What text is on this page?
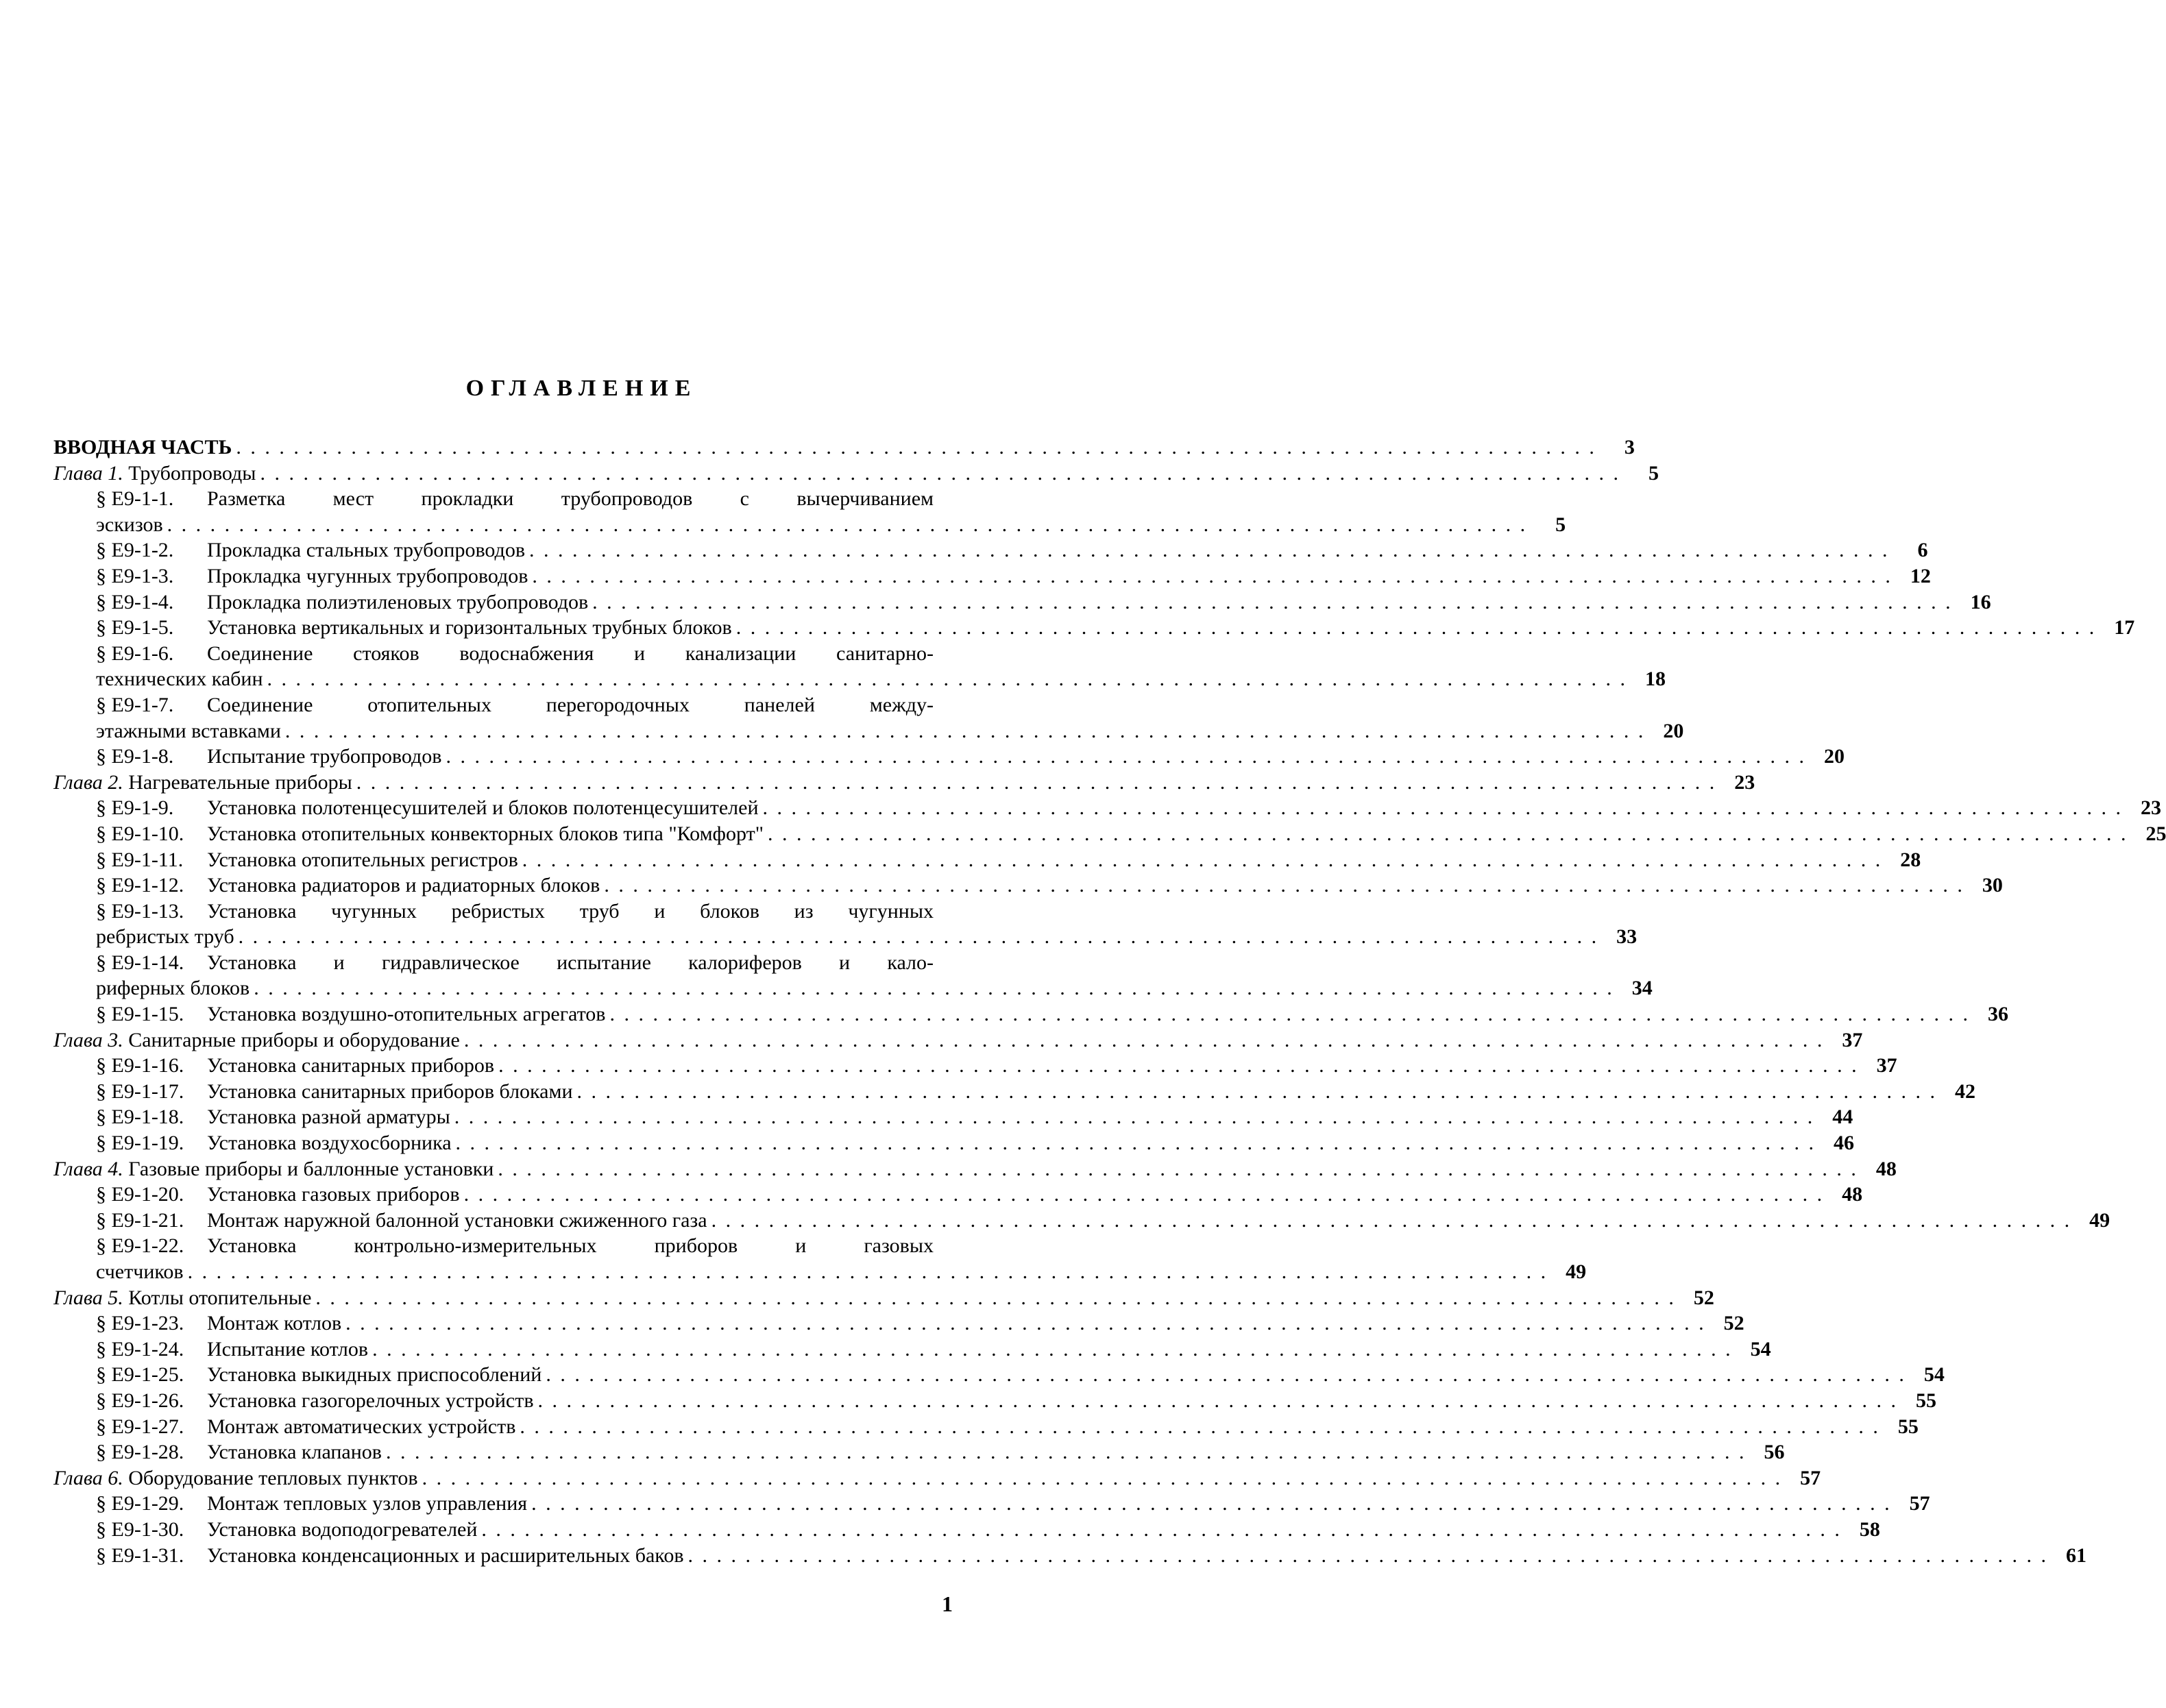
ОГЛАВЛЕНИЕ
ВВОДНАЯ ЧАСТЬ . . .	3
Глава 1. Трубопроводы . . .	5
§ E9-1-1.	Разметка мест прокладки трубопроводов с вычерчиванием
эскизов . . .	5
§ E9-1-2.	Прокладка стальных трубопроводов . . .	6
§ E9-1-3.	Прокладка чугунных трубопроводов . . .	12
§ E9-1-4.	Прокладка полиэтиленовых трубопроводов . . .	16
§ E9-1-5.	Установка вертикальных и горизонтальных трубных блоков . . .	17
§ E9-1-6.	Соединение стояков водоснабжения и канализации санитарно-
технических кабин . . .	18
§ E9-1-7.	Соединение отопительных перегородочных панелей между-
этажными вставками . . .	20
§ E9-1-8.	Испытание трубопроводов . . .	20
Глава 2. Нагревательные приборы . . .	23
§ E9-1-9.	Установка полотенцесушителей и блоков полотенцесушителей . . .	23
§ E9-1-10.	Установка отопительных конвекторных блоков типа "Комфорт" . . .	25
§ E9-1-11.	Установка отопительных регистров . . .	28
§ E9-1-12.	Установка радиаторов и радиаторных блоков . . .	30
§ E9-1-13.	Установка чугунных ребристых труб и блоков из чугунных
ребристых труб . . .	33
§ E9-1-14.	Установка и гидравлическое испытание калориферов и кало-
риферных блоков . . .	34
§ E9-1-15.	Установка воздушно-отопительных агрегатов . . .	36
Глава 3. Санитарные приборы и оборудование . . .	37
§ E9-1-16.	Установка санитарных приборов . . .	37
§ E9-1-17.	Установка санитарных приборов блоками . . .	42
§ E9-1-18.	Установка разной арматуры . . .	44
§ E9-1-19.	Установка воздухосборника . . .	46
Глава 4. Газовые приборы и баллонные установки . . .	48
§ E9-1-20.	Установка газовых приборов . . .	48
§ E9-1-21.	Монтаж наружной балонной установки сжиженного газа . . .	49
§ E9-1-22.	Установка контрольно-измерительных приборов и газовых
счетчиков . . .	49
Глава 5. Котлы отопительные . . .	52
§ E9-1-23.	Монтаж котлов . . .	52
§ E9-1-24.	Испытание котлов . . .	54
§ E9-1-25.	Установка выкидных приспособлений . . .	54
§ E9-1-26.	Установка газогорелочных устройств . . .	55
§ E9-1-27.	Монтаж автоматических устройств . . .	55
§ E9-1-28.	Установка клапанов . . .	56
Глава 6. Оборудование тепловых пунктов . . .	57
§ E9-1-29.	Монтаж тепловых узлов управления . . .	57
§ E9-1-30.	Установка водоподогревателей . . .	58
§ E9-1-31.	Установка конденсационных и расширительных баков . . .	61
1
